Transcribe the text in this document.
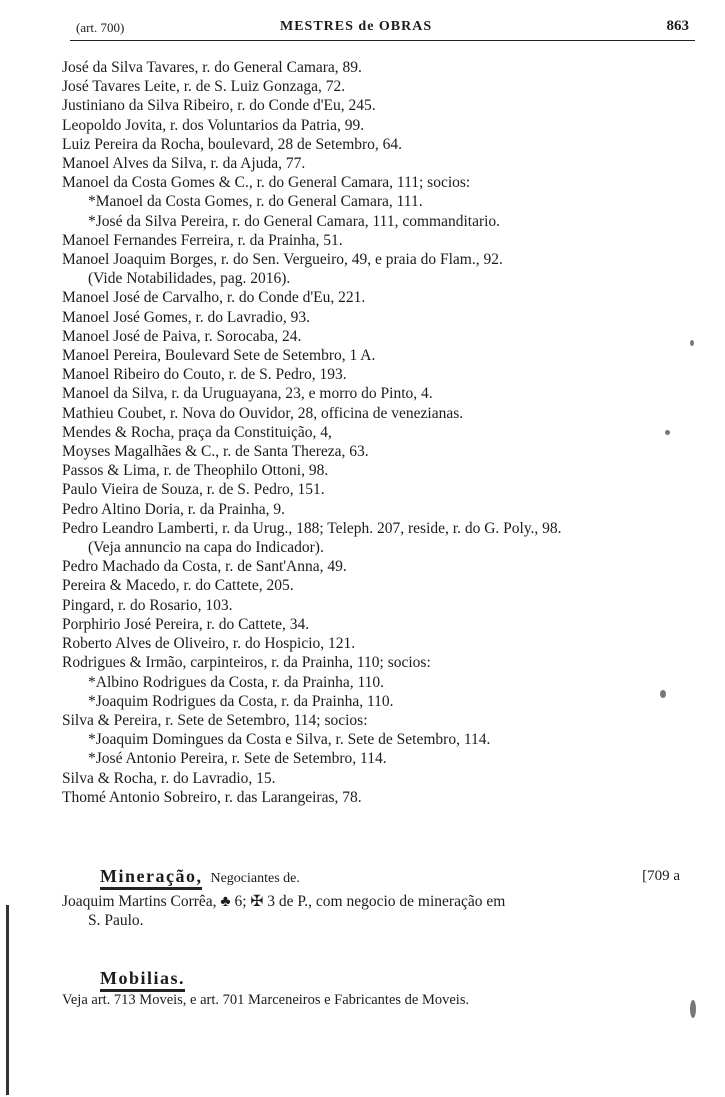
(art. 700)	MESTRES de OBRAS	863
José da Silva Tavares, r. do General Camara, 89.
José Tavares Leite, r. de S. Luiz Gonzaga, 72.
Justiniano da Silva Ribeiro, r. do Conde d'Eu, 245.
Leopoldo Jovita, r. dos Voluntarios da Patria, 99.
Luiz Pereira da Rocha, boulevard, 28 de Setembro, 64.
Manoel Alves da Silva, r. da Ajuda, 77.
Manoel da Costa Gomes & C., r. do General Camara, 111; socios:
*Manoel da Costa Gomes, r. do General Camara, 111.
*José da Silva Pereira, r. do General Camara, 111, commanditario.
Manoel Fernandes Ferreira, r. da Prainha, 51.
Manoel Joaquim Borges, r. do Sen. Vergueiro, 49, e praia do Flam., 92.
(Vide Notabilidades, pag. 2016).
Manoel José de Carvalho, r. do Conde d'Eu, 221.
Manoel José Gomes, r. do Lavradio, 93.
Manoel José de Paiva, r. Sorocaba, 24.
Manoel Pereira, Boulevard Sete de Setembro, 1 A.
Manoel Ribeiro do Couto, r. de S. Pedro, 193.
Manoel da Silva, r. da Uruguayana, 23, e morro do Pinto, 4.
Mathieu Coubet, r. Nova do Ouvidor, 28, officina de venezianas.
Mendes & Rocha, praça da Constituição, 4,
Moyses Magalhães & C., r. de Santa Thereza, 63.
Passos & Lima, r. de Theophilo Ottoni, 98.
Paulo Vieira de Souza, r. de S. Pedro, 151.
Pedro Altino Doria, r. da Prainha, 9.
Pedro Leandro Lamberti, r. da Urug., 188; Teleph. 207, reside, r. do G. Poly., 98.
(Veja annuncio na capa do Indicador).
Pedro Machado da Costa, r. de Sant'Anna, 49.
Pereira & Macedo, r. do Cattete, 205.
Pingard, r. do Rosario, 103.
Porphirio José Pereira, r. do Cattete, 34.
Roberto Alves de Oliveiro, r. do Hospicio, 121.
Rodrigues & Irmão, carpinteiros, r. da Prainha, 110; socios:
*Albino Rodrigues da Costa, r. da Prainha, 110.
*Joaquim Rodrigues da Costa, r. da Prainha, 110.
Silva & Pereira, r. Sete de Setembro, 114; socios:
*Joaquim Domingues da Costa e Silva, r. Sete de Setembro, 114.
*José Antonio Pereira, r. Sete de Setembro, 114.
Silva & Rocha, r. do Lavradio, 15.
Thomé Antonio Sobreiro, r. das Larangeiras, 78.
Mineração, Negociantes de.	[709 a
Joaquim Martins Corrêa, ♣ 6; ✠ 3 de P., com negocio de mineração em
S. Paulo.
Mobilias.
Veja art. 713 Moveis, e art. 701 Marceneiros e Fabricantes de Moveis.
